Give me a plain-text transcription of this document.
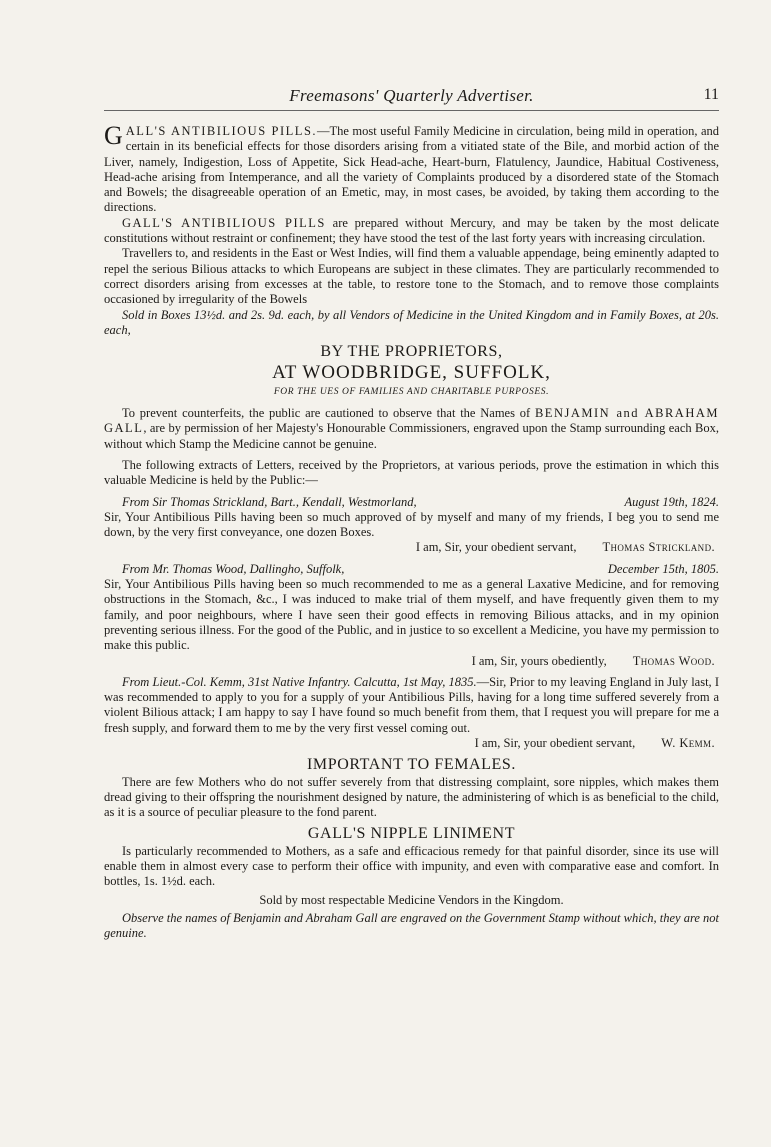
Freemasons' Quarterly Advertiser.	11

GALL'S ANTIBILIOUS PILLS.—The most useful Family Medicine in circulation, being mild in operation, and certain in its beneficial effects for those disorders arising from a vitiated state of the Bile, and morbid action of the Liver, namely, Indigestion, Loss of Appetite, Sick Head-ache, Heart-burn, Flatulency, Jaundice, Habitual Costiveness, Head-ache arising from Intemperance, and all the variety of Complaints produced by a disordered state of the Stomach and Bowels; the disagreeable operation of an Emetic, may, in most cases, be avoided, by taking them according to the directions.

GALL'S ANTIBILIOUS PILLS are prepared without Mercury, and may be taken by the most delicate constitutions without restraint or confinement; they have stood the test of the last forty years with increasing circulation.

Travellers to, and residents in the East or West Indies, will find them a valuable appendage, being eminently adapted to repel the serious Bilious attacks to which Europeans are subject in these climates. They are particularly recommended to correct disorders arising from excesses at the table, to restore tone to the Stomach, and to remove those complaints occasioned by irregularity of the Bowels

Sold in Boxes 13½d. and 2s. 9d. each, by all Vendors of Medicine in the United Kingdom and in Family Boxes, at 20s. each,

BY THE PROPRIETORS,
AT WOODBRIDGE, SUFFOLK,
FOR THE UES OF FAMILIES AND CHARITABLE PURPOSES.

To prevent counterfeits, the public are cautioned to observe that the Names of BENJAMIN and ABRAHAM GALL, are by permission of her Majesty's Honourable Commissioners, engraved upon the Stamp surrounding each Box, without which Stamp the Medicine cannot be genuine.

The following extracts of Letters, received by the Proprietors, at various periods, prove the estimation in which this valuable Medicine is held by the Public:—

From Sir Thomas Strickland, Bart., Kendall, Westmorland,	August 19th, 1824.

Sir, Your Antibilious Pills having been so much approved of by myself and many of my friends, I beg you to send me down, by the very first conveyance, one dozen Boxes.

I am, Sir, your obedient servant, Thomas Strickland.
From Mr. Thomas Wood, Dallingho, Suffolk,	December 15th, 1805.

Sir, Your Antibilious Pills having been so much recommended to me as a general Laxative Medicine, and for removing obstructions in the Stomach, &c., I was induced to make trial of them myself, and have frequently given them to my family, and poor neighbours, where I have seen their good effects in removing Bilious attacks, and in my opinion preventing serious illness. For the good of the Public, and in justice to so excellent a Medicine, you have my permission to make this public.

I am, Sir, yours obediently, Thomas Wood.

From Lieut.-Col. Kemm, 31st Native Infantry. Calcutta, 1st May, 1835.—Sir, Prior to my leaving England in July last, I was recommended to apply to you for a supply of your Antibilious Pills, having for a long time suffered severely from a violent Bilious attack; I am happy to say I have found so much benefit from them, that I request you will prepare for me a fresh supply, and forward them to me by the very first vessel coming out.

I am, Sir, your obedient servant, W. Kemm.
IMPORTANT TO FEMALES.

There are few Mothers who do not suffer severely from that distressing complaint, sore nipples, which makes them dread giving to their offspring the nourishment designed by nature, the administering of which is as beneficial to the child, as it is a source of peculiar pleasure to the fond parent.

GALL'S NIPPLE LINIMENT

Is particularly recommended to Mothers, as a safe and efficacious remedy for that painful disorder, since its use will enable them in almost every case to perform their office with impunity, and even with comparative ease and comfort. In bottles, 1s. 1½d. each.

Sold by most respectable Medicine Vendors in the Kingdom.

Observe the names of Benjamin and Abraham Gall are engraved on the Government Stamp without which, they are not genuine.
